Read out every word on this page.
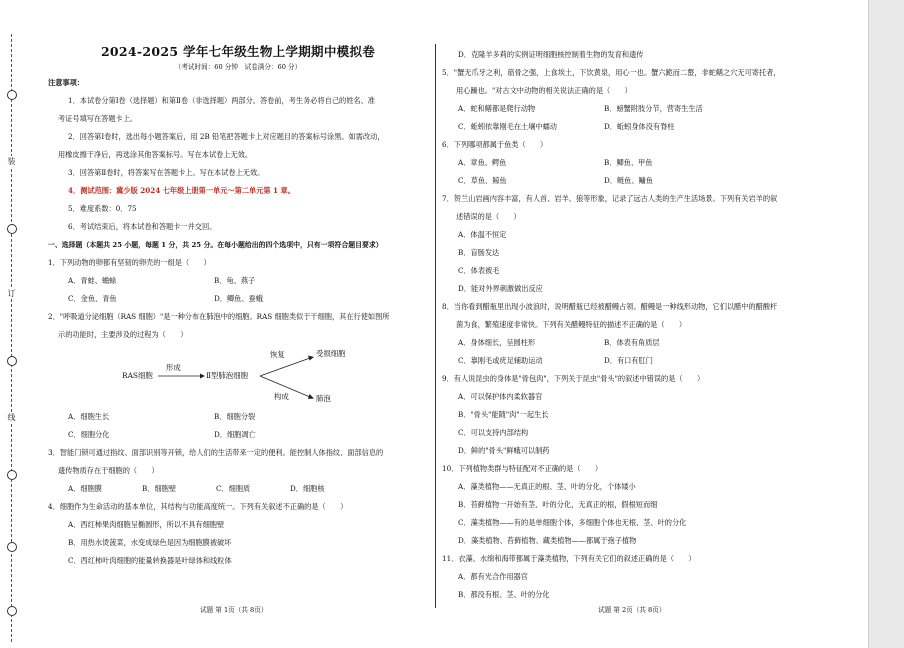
装
订
线

2024-2025 学年七年级生物上学期期中模拟卷

（考试时间：60 分钟　试卷满分：60 分）

注意事项：

1．本试卷分第Ⅰ卷（选择题）和第Ⅱ卷（非选择题）两部分。答卷前，考生务必将自己的姓名、准

考证号填写在答题卡上。

2．回答第Ⅰ卷时，选出每小题答案后，用 2B 铅笔把答题卡上对应题目的答案标号涂黑。如需改动，

用橡皮擦干净后，再选涂其他答案标号。写在本试卷上无效。

3．回答第Ⅱ卷时，将答案写在答题卡上。写在本试卷上无效。

4．测试范围：冀少版 2024 七年级上册第一单元～第二单元第 1 章。

5．难度系数：0．75

6．考试结束后，将本试卷和答题卡一并交回。

一、选择题（本题共 25 小题，每题 1 分，共 25 分。在每小题给出的四个选项中，只有一项符合题目要求）

1．下列动物的卵都有坚韧的卵壳的一组是（　　）

A．青蛙、蟾蜍	B．龟、燕子

C．金鱼、青鱼	D．鲫鱼、蚕蛾

2．"呼吸道分泌细胞（RAS 细胞）"是一种分布在肺泡中的细胞。RAS 细胞类似于干细胞，其在行使如图所

示的功能时，主要涉及的过程为（　　）

RAS细胞
形成
Ⅱ型肺泡细胞
恢复	受损细胞
构成	肺泡

A．细胞生长	B．细胞分裂

C．细胞分化	D．细胞凋亡

3．智能门锁可通过指纹、面部识别等开锁，给人们的生活带来一定的便利。能控制人体指纹、面部信息的

遗传物质存在于细胞的（　　）

A．细胞膜	B．细胞壁	C．细胞质	D．细胞核

4．细胞作为生命活动的基本单位，其结构与功能高度统一。下列有关叙述不正确的是（　　）

A．西红柿果肉细胞呈椭圆形，所以不具有细胞壁

B．用热水烫菠菜，水变成绿色是因为细胞膜被破坏

C．西红柿叶肉细胞的能量转换器是叶绿体和线粒体

D．克隆羊多莉的实例证明细胞核控制着生物的发育和遗传

5．"蟹无爪牙之利，筋骨之强，上食埃土，下饮黄泉，用心一也。蟹六跪而二螯，非蛇鳝之穴无可寄托者，

用心躁也。"对古文中动物的相关说法正确的是（　　）

A．蛇和鳝都是爬行动物	B．螃蟹附肢分节，营寄生生活

C．蚯蚓依靠刚毛在土壤中蠕动	D．蚯蚓身体没有脊柱

6．下列哪项都属于鱼类（　　）

A．章鱼、鳄鱼	B．鲫鱼、甲鱼

C．草鱼、鲸鱼	D．鲢鱼、鳙鱼

7．贺兰山岩画内容丰富，有人首、岩羊、狼等形象，记录了远古人类的生产生活场景。下列有关岩羊的叙

述错误的是（　　）

A．体温不恒定

B．盲肠发达

C．体表被毛

D．能对外界刺激做出反应

8．当你看到醋瓶里出现小波浪时，说明醋瓶已经被醋鳗占领。醋鳗是一种线形动物，它们以醋中的醋酸杆

菌为食，繁殖速度非常快。下列有关醋鳗特征的描述不正确的是（　　）

A．身体细长，呈圆柱形	B．体表有角质层

C．靠刚毛或疣足辅助运动	D．有口有肛门

9．有人说昆虫的身体是"骨包肉"，下列关于昆虫"骨头"的叙述中错误的是（　　）

A．可以保护体内柔软器官

B．"骨头"能随"肉"一起生长

C．可以支持内部结构

D．鲜的"骨头"鲜蛾可以制药

10．下列植物类群与特征配对不正确的是（　　）

A．藻类植物——无真正的根、茎、叶的分化，个体矮小

B．苔藓植物一开始有茎、叶的分化，无真正的根，假根短而细

C．藻类植物——有的是单细胞个体，多细胞个体也无根、茎、叶的分化

D．藻类植物、苔藓植物、藏类植物——都属于孢子植物

11．衣藻、水绵和海带都属于藻类植物，下列有关它们的叙述正确的是（　　）

A．都有光合作用器官

B．都没有根、茎、叶的分化

试题 第 1页（共 8页）	试题 第 2页（共 8页）
